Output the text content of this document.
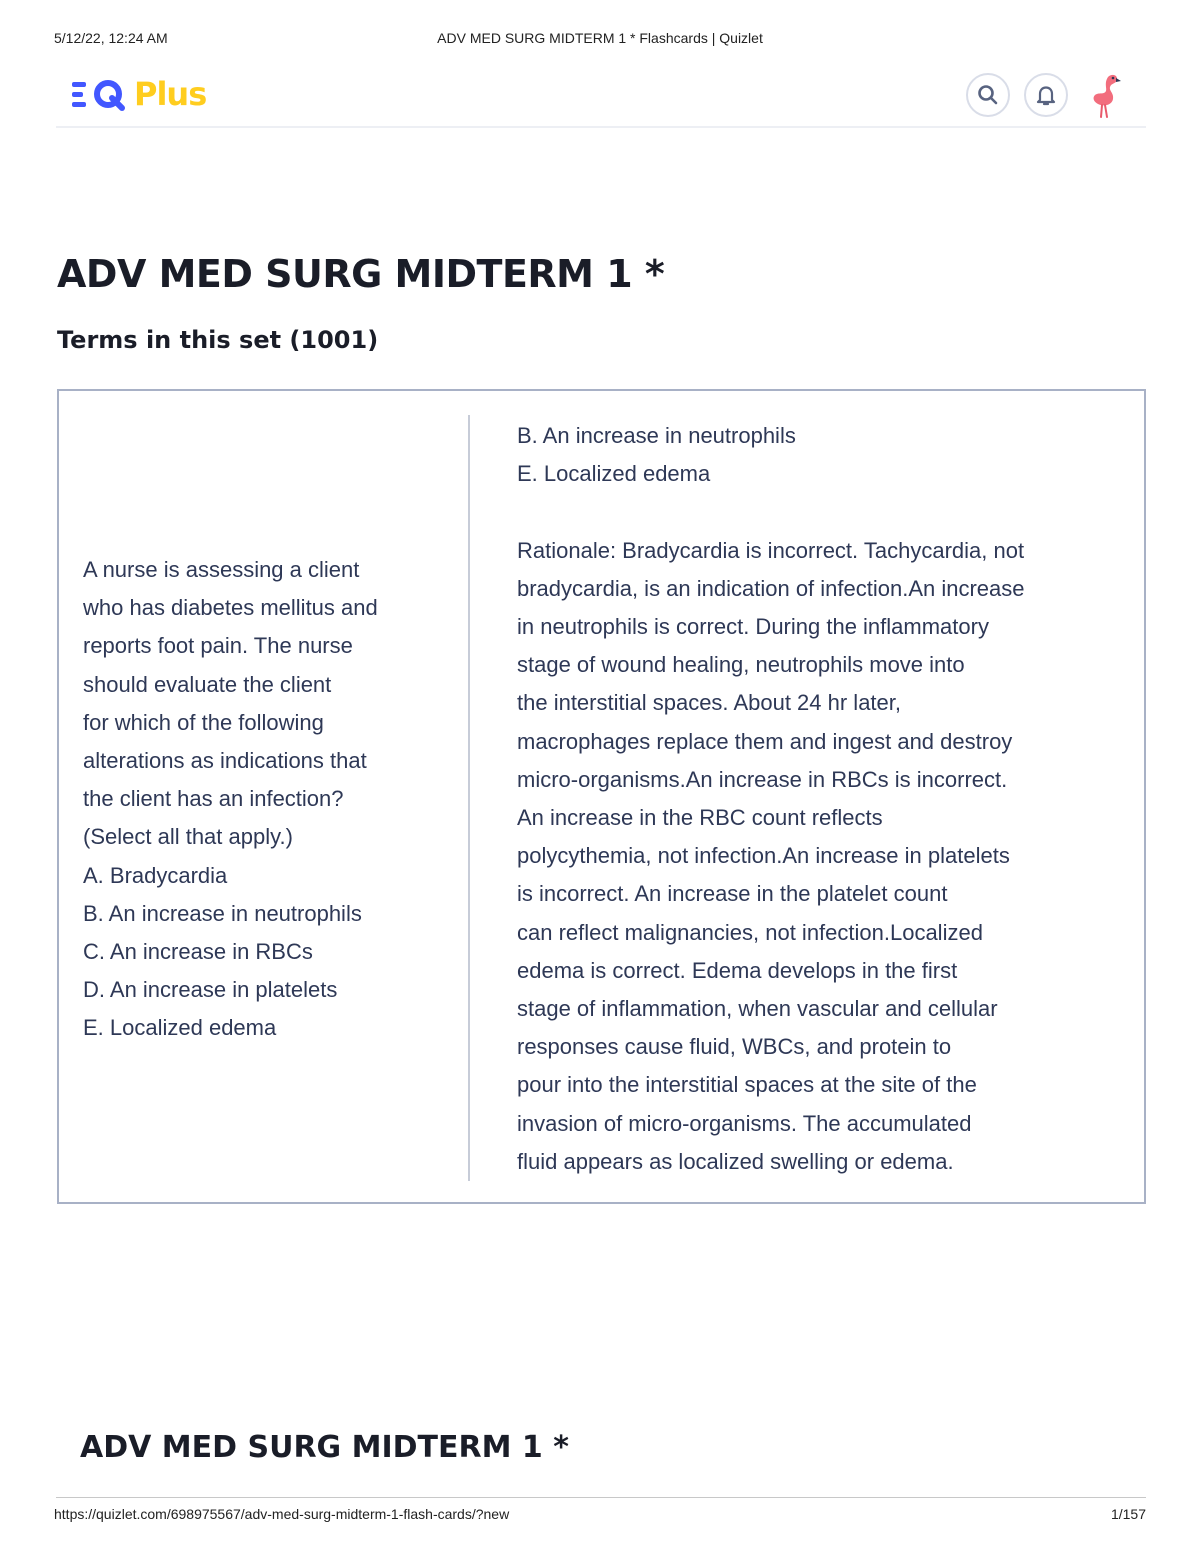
5/12/22, 12:24 AM	ADV MED SURG MIDTERM 1 * Flashcards | Quizlet
Plus
ADV MED SURG MIDTERM 1 *
Terms in this set (1001)
A nurse is assessing a client
who has diabetes mellitus and
reports foot pain. The nurse
should evaluate the client
for which of the following
alterations as indications that
the client has an infection?
(Select all that apply.)
A. Bradycardia
B. An increase in neutrophils
C. An increase in RBCs
D. An increase in platelets
E. Localized edema
B. An increase in neutrophils
E. Localized edema
Rationale: Bradycardia is incorrect. Tachycardia, not
bradycardia, is an indication of infection.An increase
in neutrophils is correct. During the inflammatory
stage of wound healing, neutrophils move into
the interstitial spaces. About 24 hr later,
macrophages replace them and ingest and destroy
micro-organisms.An increase in RBCs is incorrect.
An increase in the RBC count reflects
polycythemia, not infection.An increase in platelets
is incorrect. An increase in the platelet count
can reflect malignancies, not infection.Localized
edema is correct. Edema develops in the first
stage of inflammation, when vascular and cellular
responses cause fluid, WBCs, and protein to
pour into the interstitial spaces at the site of the
invasion of micro-organisms. The accumulated
fluid appears as localized swelling or edema.
ADV MED SURG MIDTERM 1 *
https://quizlet.com/698975567/adv-med-surg-midterm-1-flash-cards/?new	1/157
